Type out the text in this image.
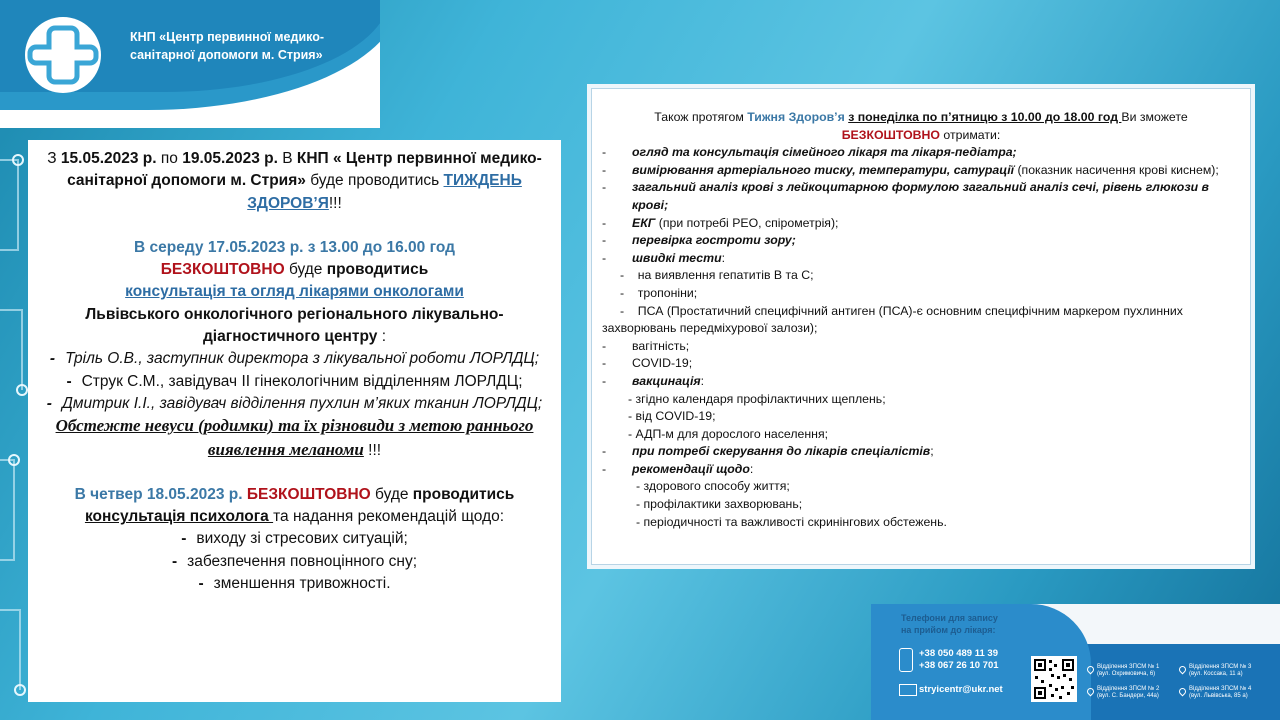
КНП «Центр первинної медико-
санітарної допомоги м. Стрия»

З 15.05.2023 р. по 19.05.2023 р. В КНП « Центр первинної медико-санітарної допомоги м. Стрия» буде проводитись ТИЖДЕНЬ ЗДОРОВ’Я!!!

В середу 17.05.2023 р. з 13.00 до 16.00 год

БЕЗКОШТОВНО буде проводитись

консультація та огляд лікарями онкологами

Львівського онкологічного регіонального лікувально-діагностичного центру :

- Тріль О.В., заступник директора з лікувальної роботи ЛОРЛДЦ;

- Струк С.М., завідувач ІІ гінекологічним відділенням ЛОРЛДЦ;

- Дмитрик І.І., завідувач відділення пухлин м’яких тканин ЛОРЛДЦ;

Обстежте невуси (родимки) та їх різновиди з метою раннього виявлення меланоми !!!

В четвер 18.05.2023 р. БЕЗКОШТОВНО буде проводитись

консультація психолога та надання рекомендацій щодо:

- виходу зі стресових ситуацій;

- забезпечення повноцінного сну;

- зменшення тривожності.

Також протягом Тижня Здоров’я з понеділка по п’ятницю з 10.00 до 18.00 год Ви зможете
БЕЗКОШТОВНО отримати:

-	огляд та консультація сімейного лікаря та лікаря-педіатра;
-	вимірювання артеріального тиску, температури, сатурації (показник насичення крові киснем);
-	загальний аналіз крові з лейкоцитарною формулою загальний аналіз сечі, рівень глюкози в крові;
-	ЕКГ (при потребі РЕО, спірометрія);
-	перевірка гостроти зору;
-	швидкі тести:
-    на виявлення гепатитів В та С;
-    тропоніни;
-    ПСА (Простатичний специфічний антиген (ПСА)-є основним специфічним маркером пухлинних захворювань передміхурової залози);
-	вагітність;
-	COVID-19;
-	вакцинація:
- згідно календаря профілактичних щеплень;
- від COVID-19;
- АДП-м для дорослого населення;
-	при потребі скерування до лікарів спеціалістів;
-	рекомендації щодо:
- здорового способу життя;
- профілактики захворювань;
- періодичності та важливості скринінгових обстежень.
Телефони для запису
на прийом до лікаря:
+38 050 489 11 39
+38 067 26 10 701
stryicentr@ukr.net
Відділення ЗПСМ № 1
(вул. Охримовича, 6)
Відділення ЗПСМ № 2
(вул. С. Бандери, 44а)
Відділення ЗПСМ № 3
(вул. Коссака, 11 а)
Відділення ЗПСМ № 4
(вул. Львівська, 85 а)
